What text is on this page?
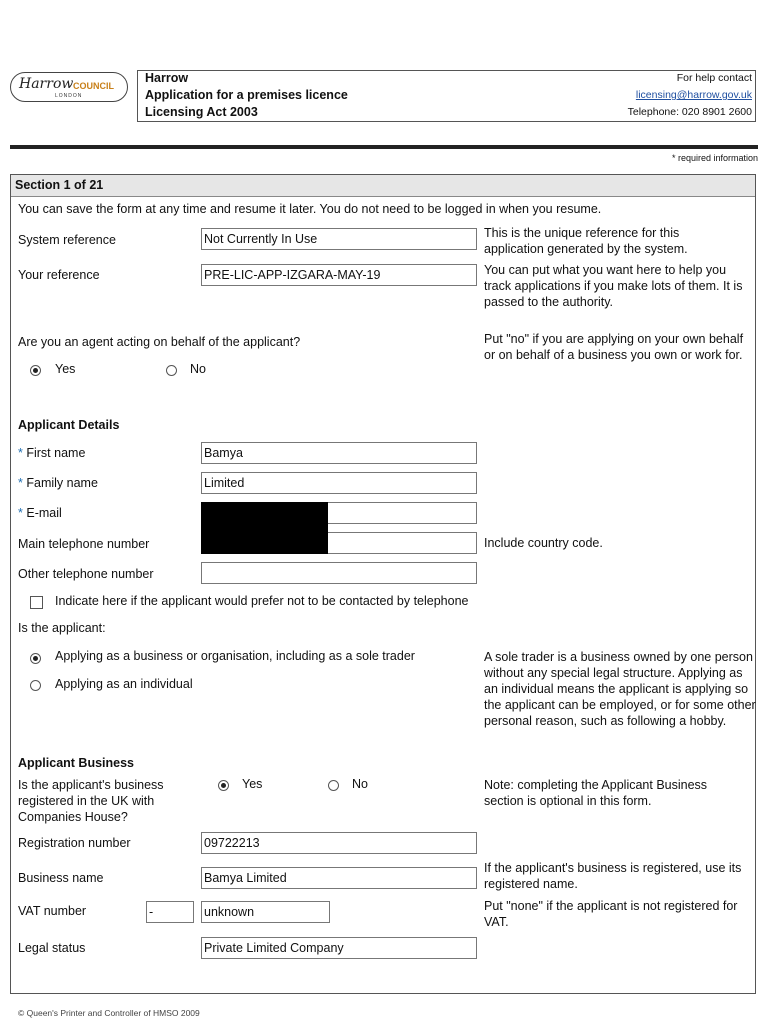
Harrow COUNCIL
LONDON
Harrow
Application for a premises licence
Licensing Act 2003
For help contact
licensing@harrow.gov.uk
Telephone: 020 8901 2600
* required information
Section 1 of 21
You can save the form at any time and resume it later. You do not need to be logged in when you resume.
System reference	Not Currently In Use	This is the unique reference for this application generated by the system.
Your reference	PRE-LIC-APP-IZGARA-MAY-19	You can put what you want here to help you track applications if you make lots of them. It is passed to the authority.
Are you an agent acting on behalf of the applicant?
Yes	No
Put "no" if you are applying on your own behalf or on behalf of a business you own or work for.
Applicant Details
* First name	Bamya
* Family name	Limited
* E-mail
Main telephone number	Include country code.
Other telephone number
Indicate here if the applicant would prefer not to be contacted by telephone
Is the applicant:
Applying as a business or organisation, including as a sole trader
Applying as an individual
A sole trader is a business owned by one person without any special legal structure. Applying as an individual means the applicant is applying so the applicant can be employed, or for some other personal reason, such as following a hobby.
Applicant Business
Is the applicant's business registered in the UK with Companies House?
Yes	No	Note: completing the Applicant Business section is optional in this form.
Registration number	09722213
Business name	Bamya Limited
If the applicant's business is registered, use its registered name.
VAT number	-	unknown	Put "none" if the applicant is not registered for VAT.
Legal status	Private Limited Company
© Queen's Printer and Controller of HMSO 2009
